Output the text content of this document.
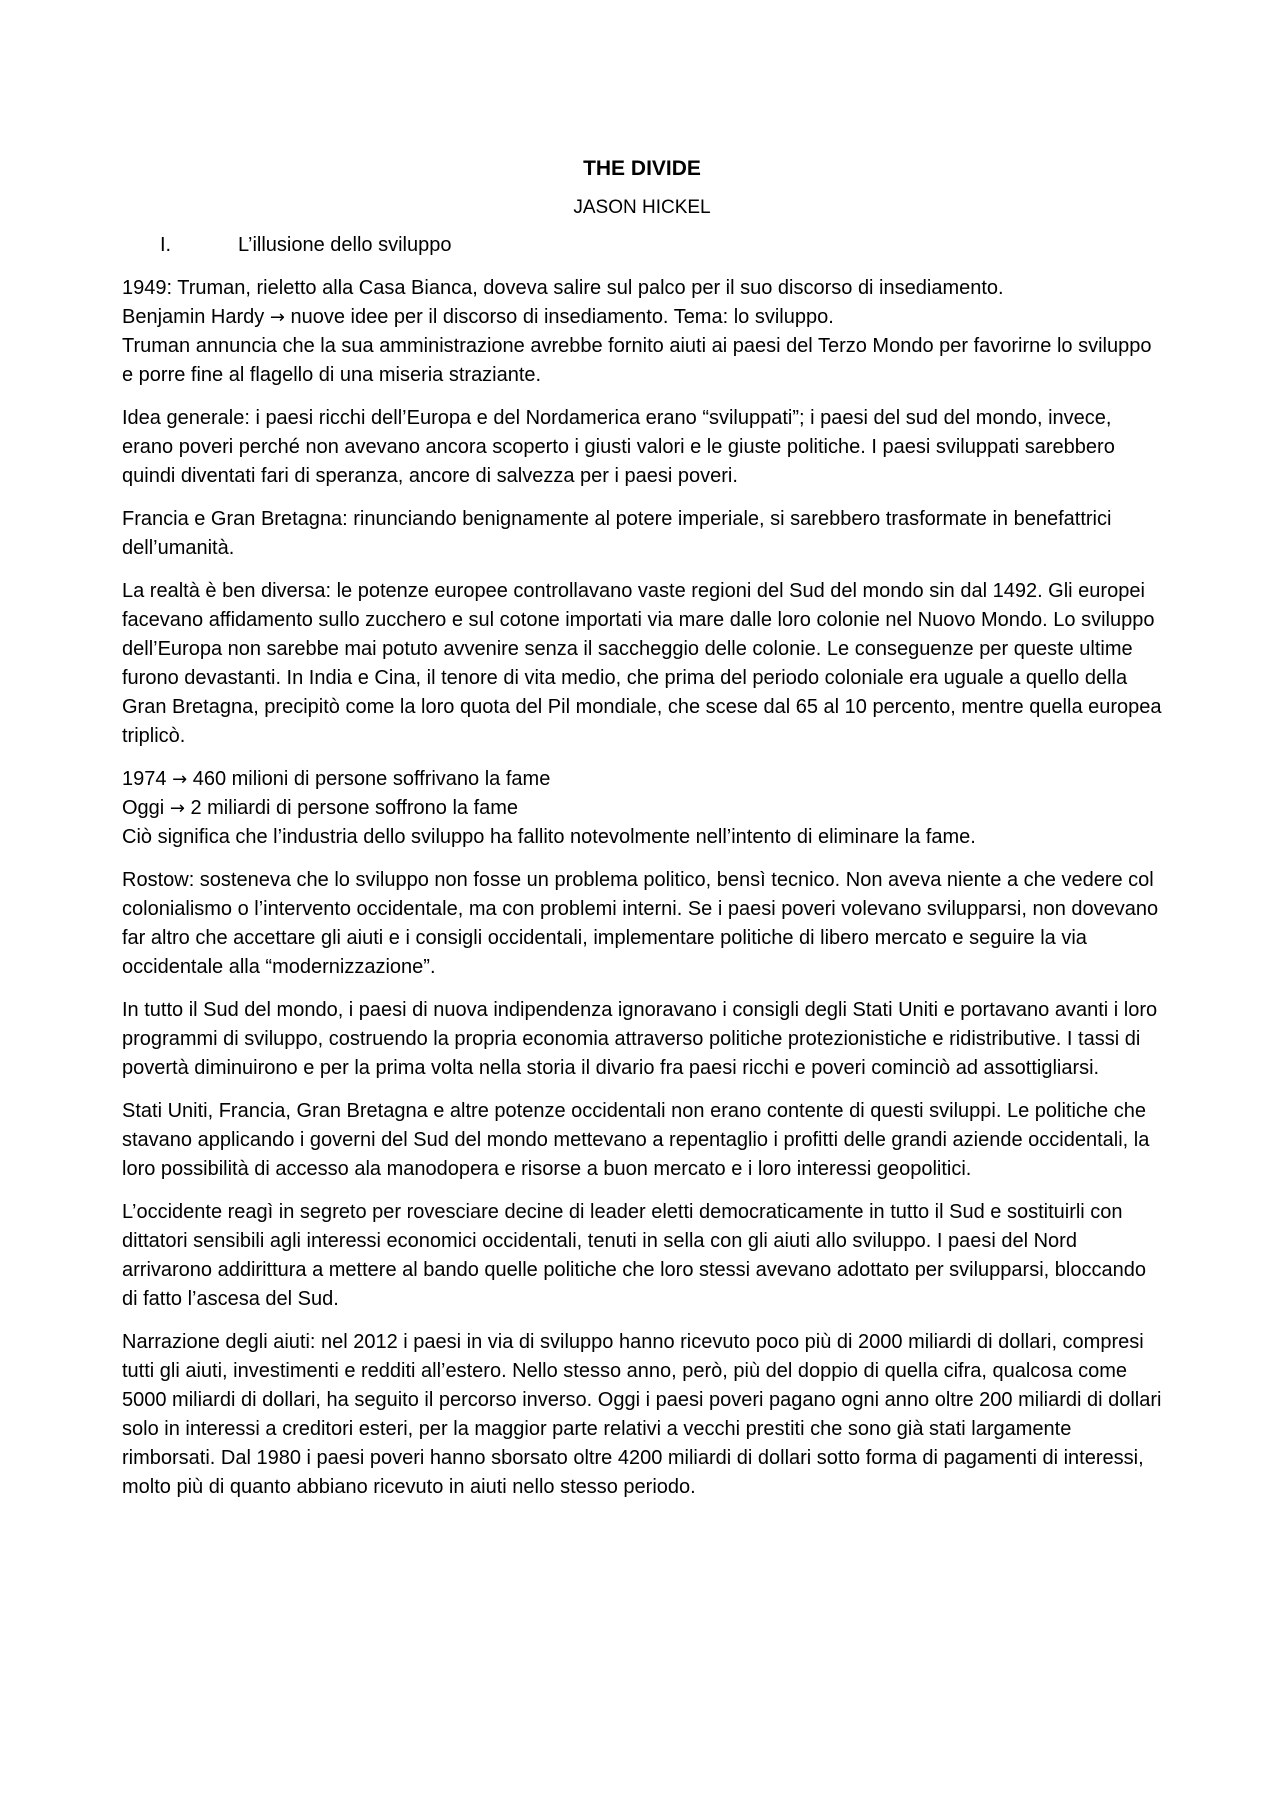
THE DIVIDE
JASON HICKEL
I.	L’illusione dello sviluppo

1949: Truman, rieletto alla Casa Bianca, doveva salire sul palco per il suo discorso di insediamento.
Benjamin Hardy → nuove idee per il discorso di insediamento. Tema: lo sviluppo.
Truman annuncia che la sua amministrazione avrebbe fornito aiuti ai paesi del Terzo Mondo per favorirne lo sviluppo e porre fine al flagello di una miseria straziante.

Idea generale: i paesi ricchi dell’Europa e del Nordamerica erano “sviluppati”; i paesi del sud del mondo, invece, erano poveri perché non avevano ancora scoperto i giusti valori e le giuste politiche. I paesi sviluppati sarebbero quindi diventati fari di speranza, ancore di salvezza per i paesi poveri.

Francia e Gran Bretagna: rinunciando benignamente al potere imperiale, si sarebbero trasformate in benefattrici dell’umanità.

La realtà è ben diversa: le potenze europee controllavano vaste regioni del Sud del mondo sin dal 1492. Gli europei facevano affidamento sullo zucchero e sul cotone importati via mare dalle loro colonie nel Nuovo Mondo. Lo sviluppo dell’Europa non sarebbe mai potuto avvenire senza il saccheggio delle colonie. Le conseguenze per queste ultime furono devastanti. In India e Cina, il tenore di vita medio, che prima del periodo coloniale era uguale a quello della Gran Bretagna, precipitò come la loro quota del Pil mondiale, che scese dal 65 al 10 percento, mentre quella europea triplicò.

1974 → 460 milioni di persone soffrivano la fame
Oggi → 2 miliardi di persone soffrono la fame
Ciò significa che l’industria dello sviluppo ha fallito notevolmente nell’intento di eliminare la fame.

Rostow: sosteneva che lo sviluppo non fosse un problema politico, bensì tecnico. Non aveva niente a che vedere col colonialismo o l’intervento occidentale, ma con problemi interni. Se i paesi poveri volevano svilupparsi, non dovevano far altro che accettare gli aiuti e i consigli occidentali, implementare politiche di libero mercato e seguire la via occidentale alla “modernizzazione”.

In tutto il Sud del mondo, i paesi di nuova indipendenza ignoravano i consigli degli Stati Uniti e portavano avanti i loro programmi di sviluppo, costruendo la propria economia attraverso politiche protezionistiche e ridistributive. I tassi di povertà diminuirono e per la prima volta nella storia il divario fra paesi ricchi e poveri cominciò ad assottigliarsi.

Stati Uniti, Francia, Gran Bretagna e altre potenze occidentali non erano contente di questi sviluppi. Le politiche che stavano applicando i governi del Sud del mondo mettevano a repentaglio i profitti delle grandi aziende occidentali, la loro possibilità di accesso ala manodopera e risorse a buon mercato e i loro interessi geopolitici.

L’occidente reagì in segreto per rovesciare decine di leader eletti democraticamente in tutto il Sud e sostituirli con dittatori sensibili agli interessi economici occidentali, tenuti in sella con gli aiuti allo sviluppo. I paesi del Nord arrivarono addirittura a mettere al bando quelle politiche che loro stessi avevano adottato per svilupparsi, bloccando di fatto l’ascesa del Sud.

Narrazione degli aiuti: nel 2012 i paesi in via di sviluppo hanno ricevuto poco più di 2000 miliardi di dollari, compresi tutti gli aiuti, investimenti e redditi all’estero. Nello stesso anno, però, più del doppio di quella cifra, qualcosa come 5000 miliardi di dollari, ha seguito il percorso inverso. Oggi i paesi poveri pagano ogni anno oltre 200 miliardi di dollari solo in interessi a creditori esteri, per la maggior parte relativi a vecchi prestiti che sono già stati largamente rimborsati. Dal 1980 i paesi poveri hanno sborsato oltre 4200 miliardi di dollari sotto forma di pagamenti di interessi, molto più di quanto abbiano ricevuto in aiuti nello stesso periodo.
